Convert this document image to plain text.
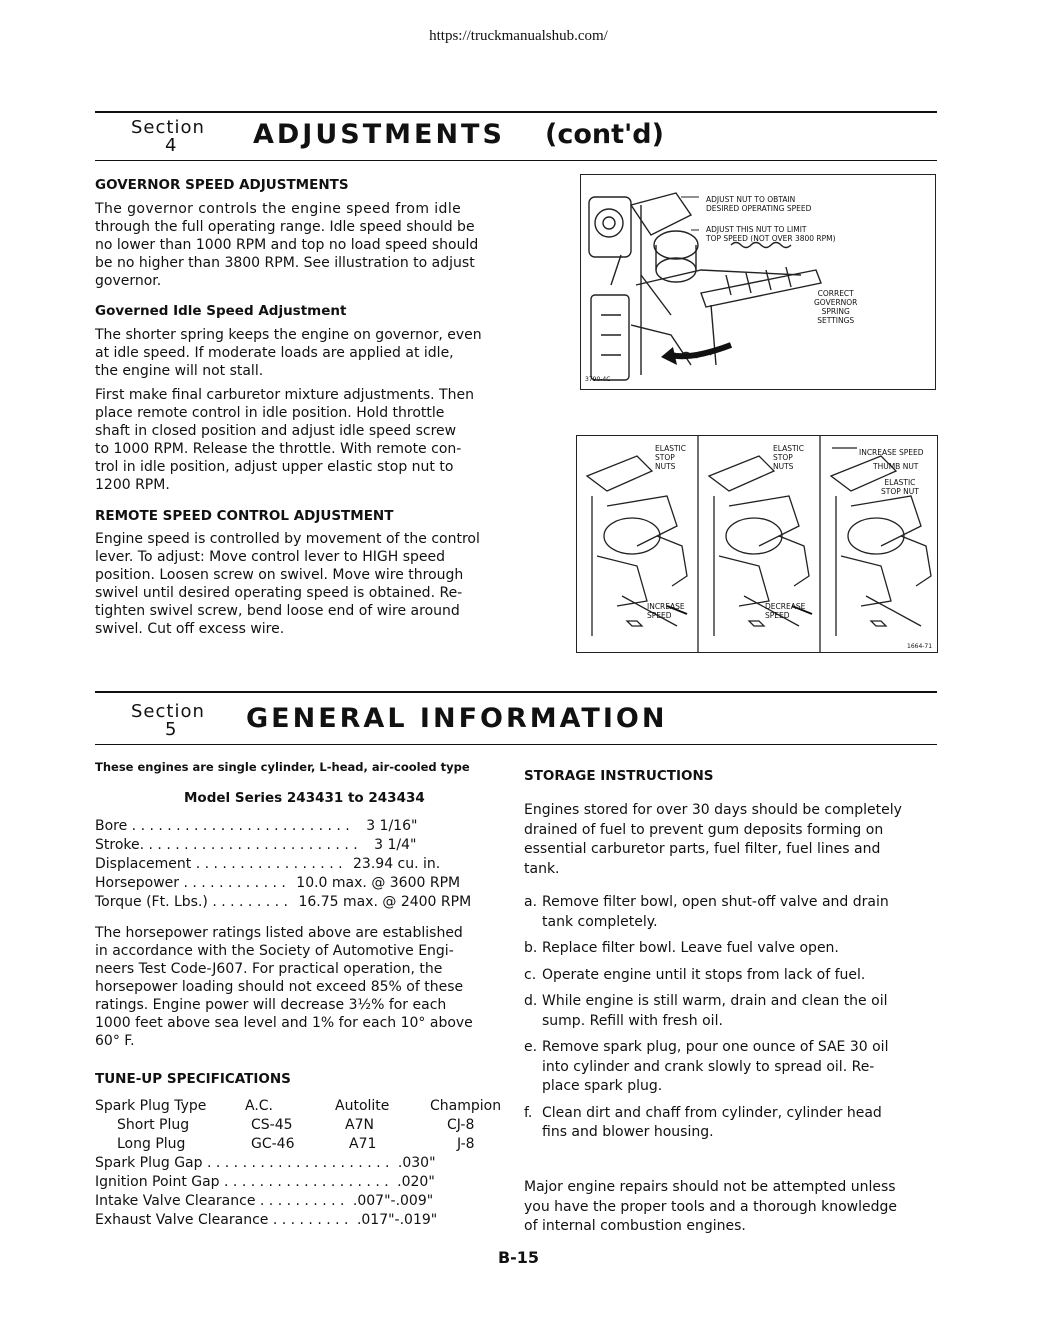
https://truckmanualshub.com/
Section
4	ADJUSTMENTS (cont'd)
GOVERNOR SPEED ADJUSTMENTS
The governor controls the engine speed from idle
through the full operating range. Idle speed should be
no lower than 1000 RPM and top no load speed should
be no higher than 3800 RPM. See illustration to adjust
governor.
Governed Idle Speed Adjustment
The shorter spring keeps the engine on governor, even
at idle speed. If moderate loads are applied at idle,
the engine will not stall.
First make final carburetor mixture adjustments. Then
place remote control in idle position. Hold throttle
shaft in closed position and adjust idle speed screw
to 1000 RPM. Release the throttle. With remote con-
trol in idle position, adjust upper elastic stop nut to
1200 RPM.
REMOTE SPEED CONTROL ADJUSTMENT
Engine speed is controlled by movement of the control
lever. To adjust: Move control lever to HIGH speed
position. Loosen screw on swivel. Move wire through
swivel until desired operating speed is obtained. Re-
tighten swivel screw, bend loose end of wire around
swivel. Cut off excess wire.
ADJUST NUT TO OBTAIN
DESIRED OPERATING SPEED
ADJUST THIS NUT TO LIMIT
TOP SPEED (NOT OVER 3800 RPM)
CORRECT
GOVERNOR
SPRING
SETTINGS
3790-4C
ELASTIC
STOP
NUTS
ELASTIC
STOP
NUTS
INCREASE SPEED
THUMB NUT
ELASTIC
STOP NUT
INCREASE
SPEED
DECREASE
SPEED
1664-71
Section
5	GENERAL INFORMATION
These engines are single cylinder, L-head, air-cooled type
Model Series 243431 to 243434
Bore . . . . . . . . . . . . . . . . . . . . . . . . . 3 1/16"
Stroke. . . . . . . . . . . . . . . . . . . . . . . . . 3 1/4"
Displacement . . . . . . . . . . . . . . . . . 23.94 cu. in.
Horsepower . . . . . . . . . . . . 10.0 max. @ 3600 RPM
Torque (Ft. Lbs.) . . . . . . . . . 16.75 max. @ 2400 RPM
The horsepower ratings listed above are established
in accordance with the Society of Automotive Engi-
neers Test Code-J607. For practical operation, the
horsepower loading should not exceed 85% of these
ratings. Engine power will decrease 3½% for each
1000 feet above sea level and 1% for each 10° above
60° F.
TUNE-UP SPECIFICATIONS
Spark Plug Type	A.C.	Autolite	Champion
Short Plug	CS-45	A7N	CJ-8
Long Plug	GC-46	A71	J-8
Spark Plug Gap . . . . . . . . . . . . . . . . . . . . . .030"
Ignition Point Gap . . . . . . . . . . . . . . . . . . . .020"
Intake Valve Clearance . . . . . . . . . . .007"-.009"
Exhaust Valve Clearance . . . . . . . . . .017"-.019"
STORAGE INSTRUCTIONS
Engines stored for over 30 days should be completely
drained of fuel to prevent gum deposits forming on
essential carburetor parts, fuel filter, fuel lines and
tank.
a. Remove filter bowl, open shut-off valve and drain
tank completely.
b. Replace filter bowl. Leave fuel valve open.
c. Operate engine until it stops from lack of fuel.
d. While engine is still warm, drain and clean the oil
sump. Refill with fresh oil.
e. Remove spark plug, pour one ounce of SAE 30 oil
into cylinder and crank slowly to spread oil. Re-
place spark plug.
f. Clean dirt and chaff from cylinder, cylinder head
fins and blower housing.
Major engine repairs should not be attempted unless
you have the proper tools and a thorough knowledge
of internal combustion engines.
B-15
